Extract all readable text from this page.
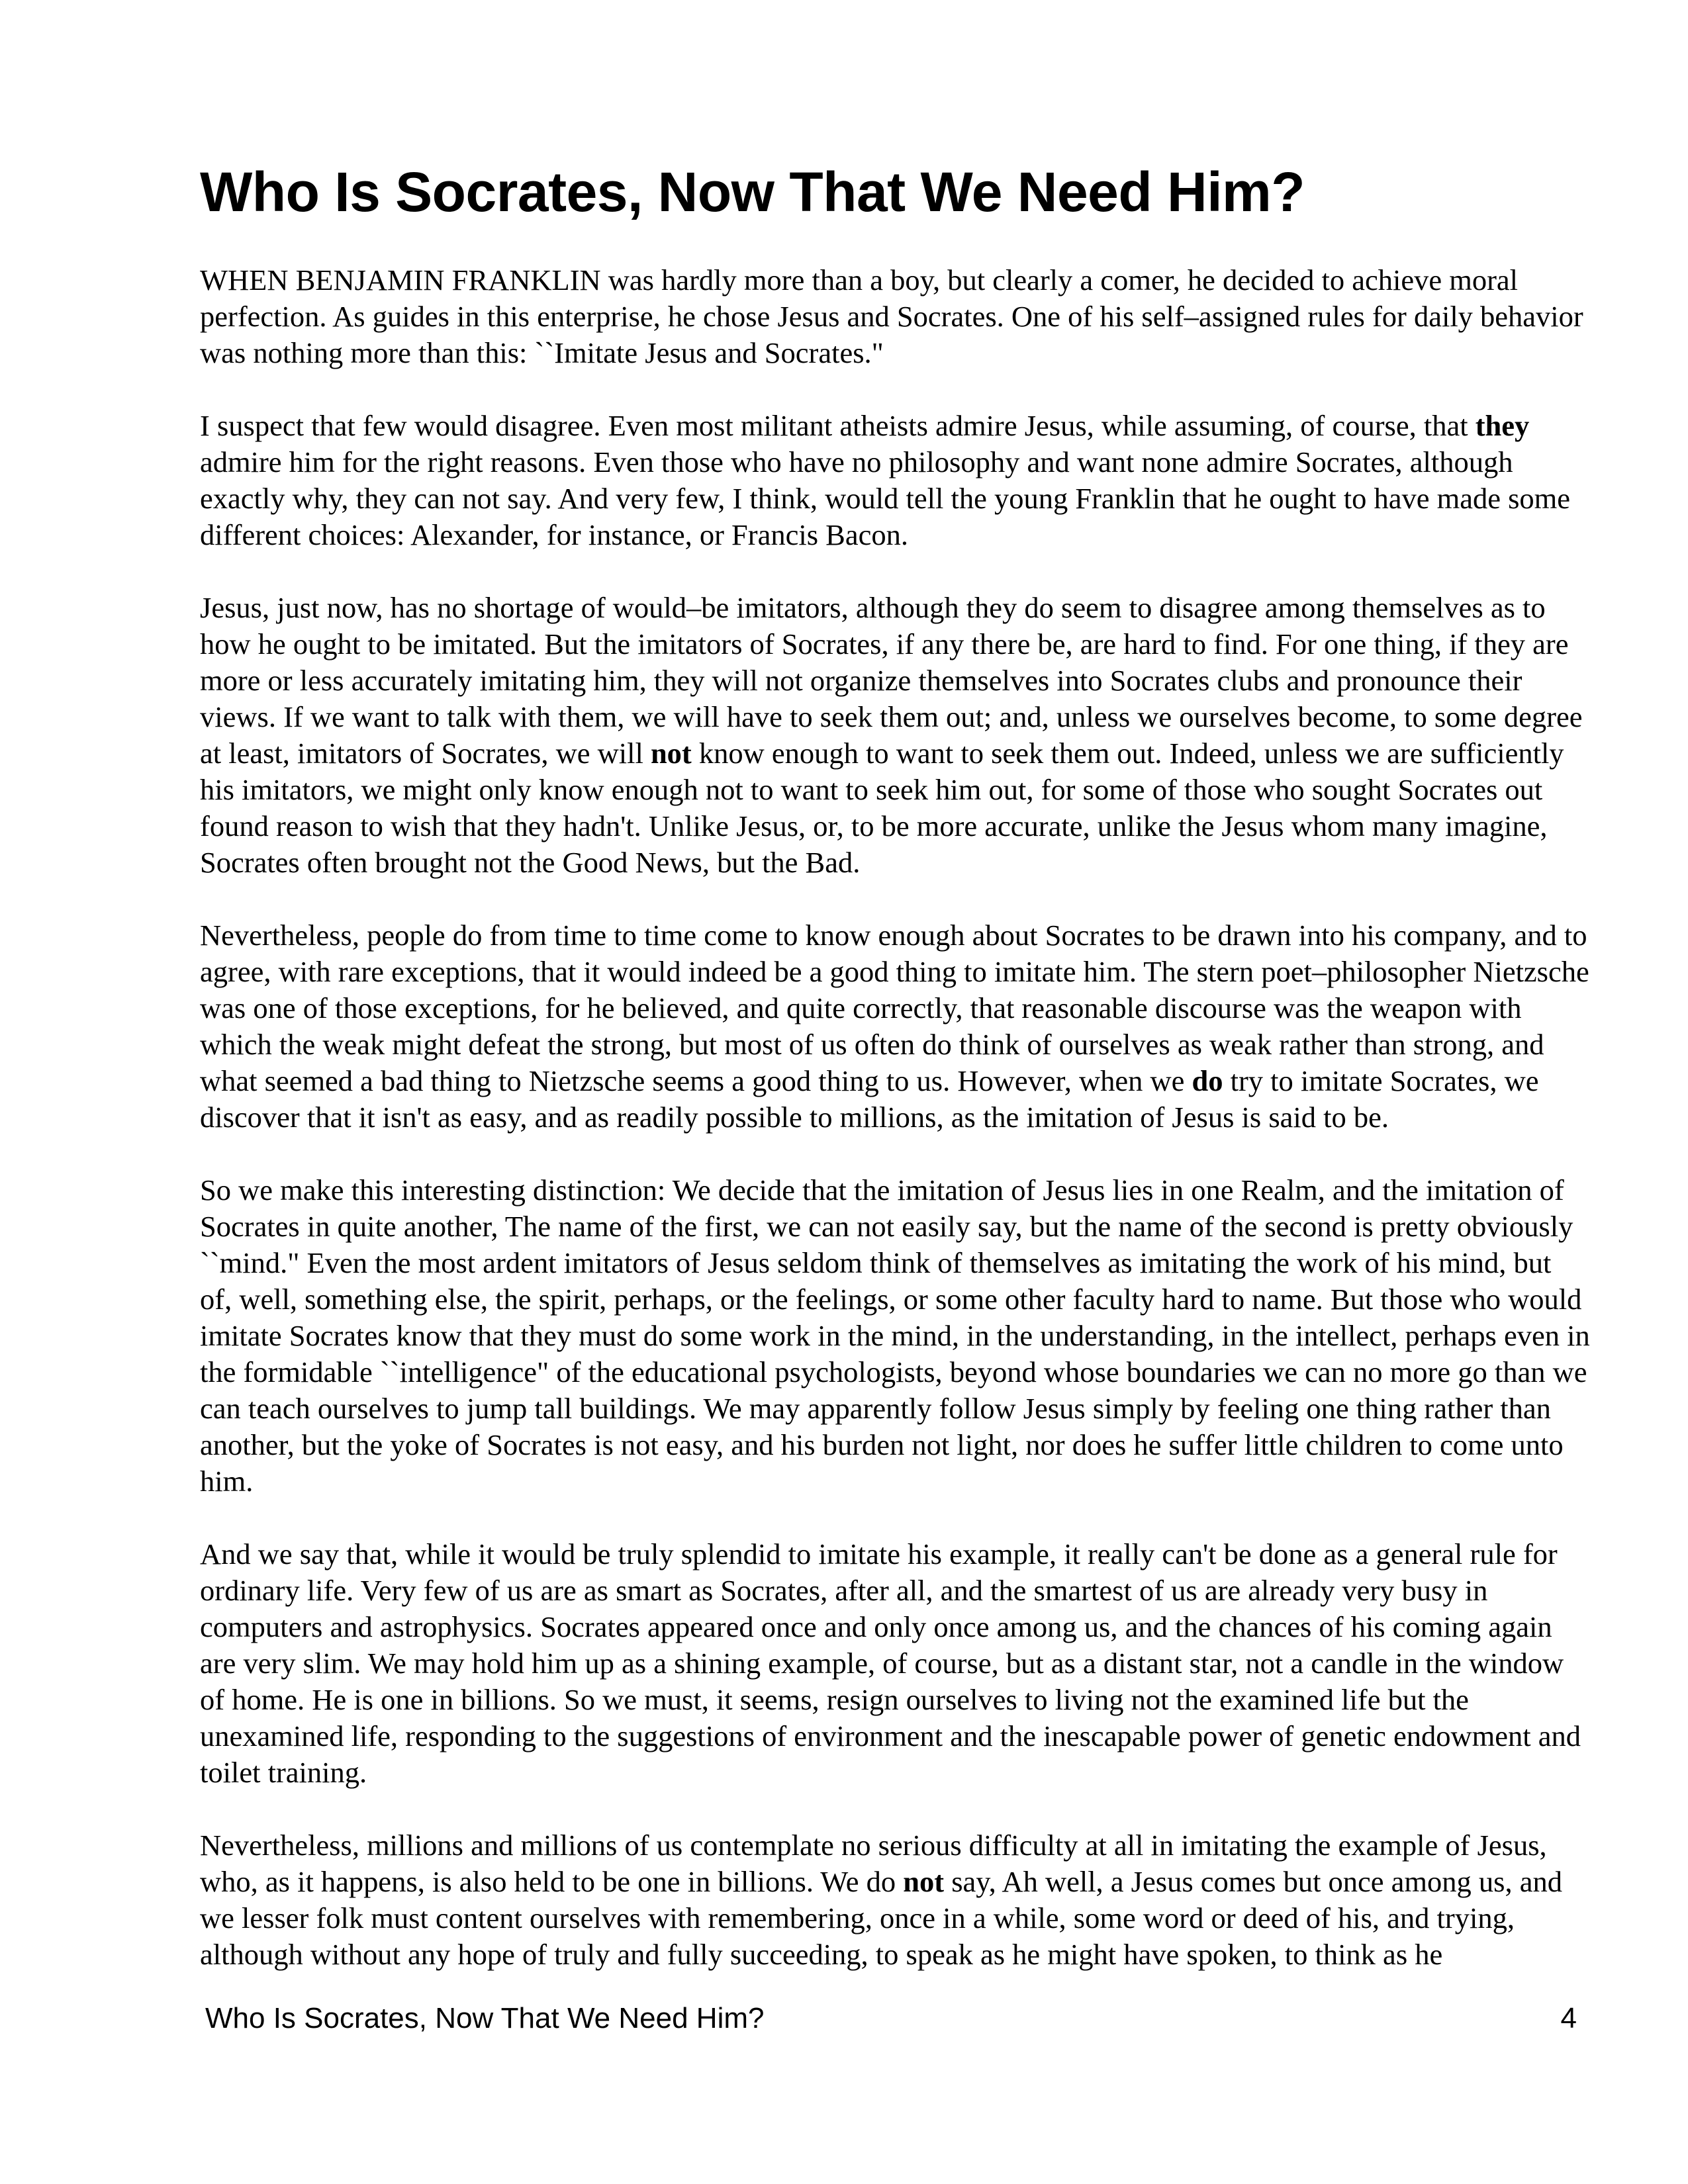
Who Is Socrates, Now That We Need Him?

WHEN BENJAMIN FRANKLIN was hardly more than a boy, but clearly a comer, he decided to achieve moral perfection. As guides in this enterprise, he chose Jesus and Socrates. One of his self–assigned rules for daily behavior was nothing more than this: ``Imitate Jesus and Socrates."

I suspect that few would disagree. Even most militant atheists admire Jesus, while assuming, of course, that they admire him for the right reasons. Even those who have no philosophy and want none admire Socrates, although exactly why, they can not say. And very few, I think, would tell the young Franklin that he ought to have made some different choices: Alexander, for instance, or Francis Bacon.

Jesus, just now, has no shortage of would–be imitators, although they do seem to disagree among themselves as to how he ought to be imitated. But the imitators of Socrates, if any there be, are hard to find. For one thing, if they are more or less accurately imitating him, they will not organize themselves into Socrates clubs and pronounce their views. If we want to talk with them, we will have to seek them out; and, unless we ourselves become, to some degree at least, imitators of Socrates, we will not know enough to want to seek them out. Indeed, unless we are sufficiently his imitators, we might only know enough not to want to seek him out, for some of those who sought Socrates out found reason to wish that they hadn't. Unlike Jesus, or, to be more accurate, unlike the Jesus whom many imagine, Socrates often brought not the Good News, but the Bad.

Nevertheless, people do from time to time come to know enough about Socrates to be drawn into his company, and to agree, with rare exceptions, that it would indeed be a good thing to imitate him. The stern poet–philosopher Nietzsche was one of those exceptions, for he believed, and quite correctly, that reasonable discourse was the weapon with which the weak might defeat the strong, but most of us often do think of ourselves as weak rather than strong, and what seemed a bad thing to Nietzsche seems a good thing to us. However, when we do try to imitate Socrates, we discover that it isn't as easy, and as readily possible to millions, as the imitation of Jesus is said to be.

So we make this interesting distinction: We decide that the imitation of Jesus lies in one Realm, and the imitation of Socrates in quite another, The name of the first, we can not easily say, but the name of the second is pretty obviously ``mind." Even the most ardent imitators of Jesus seldom think of themselves as imitating the work of his mind, but of, well, something else, the spirit, perhaps, or the feelings, or some other faculty hard to name. But those who would imitate Socrates know that they must do some work in the mind, in the understanding, in the intellect, perhaps even in the formidable ``intelligence" of the educational psychologists, beyond whose boundaries we can no more go than we can teach ourselves to jump tall buildings. We may apparently follow Jesus simply by feeling one thing rather than another, but the yoke of Socrates is not easy, and his burden not light, nor does he suffer little children to come unto him.

And we say that, while it would be truly splendid to imitate his example, it really can't be done as a general rule for ordinary life. Very few of us are as smart as Socrates, after all, and the smartest of us are already very busy in computers and astrophysics. Socrates appeared once and only once among us, and the chances of his coming again are very slim. We may hold him up as a shining example, of course, but as a distant star, not a candle in the window of home. He is one in billions. So we must, it seems, resign ourselves to living not the examined life but the unexamined life, responding to the suggestions of environment and the inescapable power of genetic endowment and toilet training.

Nevertheless, millions and millions of us contemplate no serious difficulty at all in imitating the example of Jesus, who, as it happens, is also held to be one in billions. We do not say, Ah well, a Jesus comes but once among us, and we lesser folk must content ourselves with remembering, once in a while, some word or deed of his, and trying, although without any hope of truly and fully succeeding, to speak as he might have spoken, to think as he

Who Is Socrates, Now That We Need Him?	4
